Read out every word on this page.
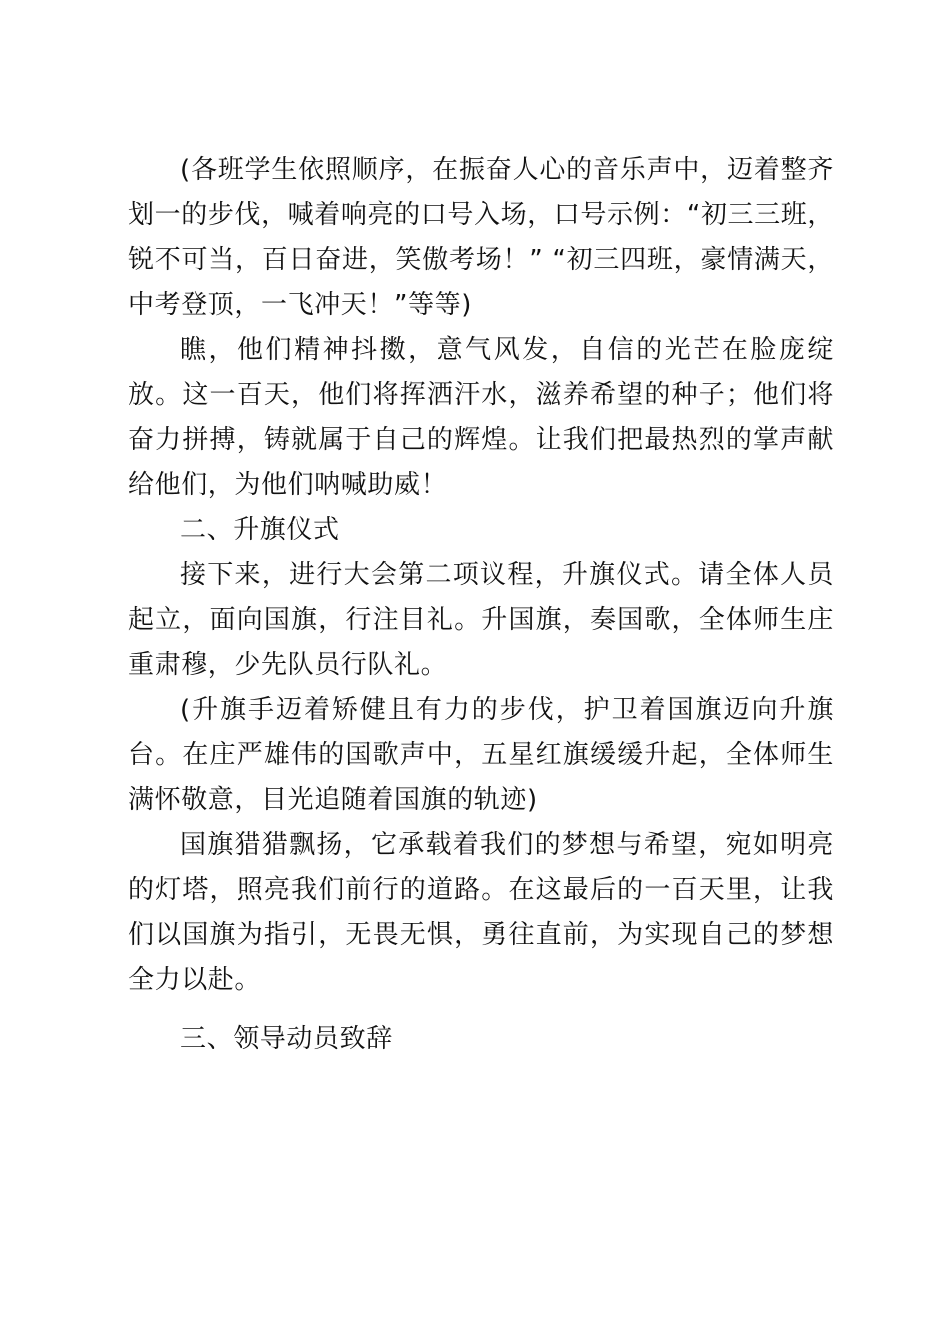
(各班学生依照顺序，在振奋人心的音乐声中，迈着整齐划一的步伐，喊着响亮的口号入场，口号示例：“初三三班，锐不可当，百日奋进，笑傲考场！” “初三四班，豪情满天，中考登顶，一飞冲天！”等等)

瞧，他们精神抖擞，意气风发，自信的光芒在脸庞绽放。这一百天，他们将挥洒汗水，滋养希望的种子；他们将奋力拼搏，铸就属于自己的辉煌。让我们把最热烈的掌声献给他们，为他们呐喊助威！

二、升旗仪式

接下来，进行大会第二项议程，升旗仪式。请全体人员起立，面向国旗，行注目礼。升国旗，奏国歌，全体师生庄重肃穆，少先队员行队礼。

(升旗手迈着矫健且有力的步伐，护卫着国旗迈向升旗台。在庄严雄伟的国歌声中，五星红旗缓缓升起，全体师生满怀敬意，目光追随着国旗的轨迹)

国旗猎猎飘扬，它承载着我们的梦想与希望，宛如明亮的灯塔，照亮我们前行的道路。在这最后的一百天里，让我们以国旗为指引，无畏无惧，勇往直前，为实现自己的梦想全力以赴。

三、领导动员致辞
